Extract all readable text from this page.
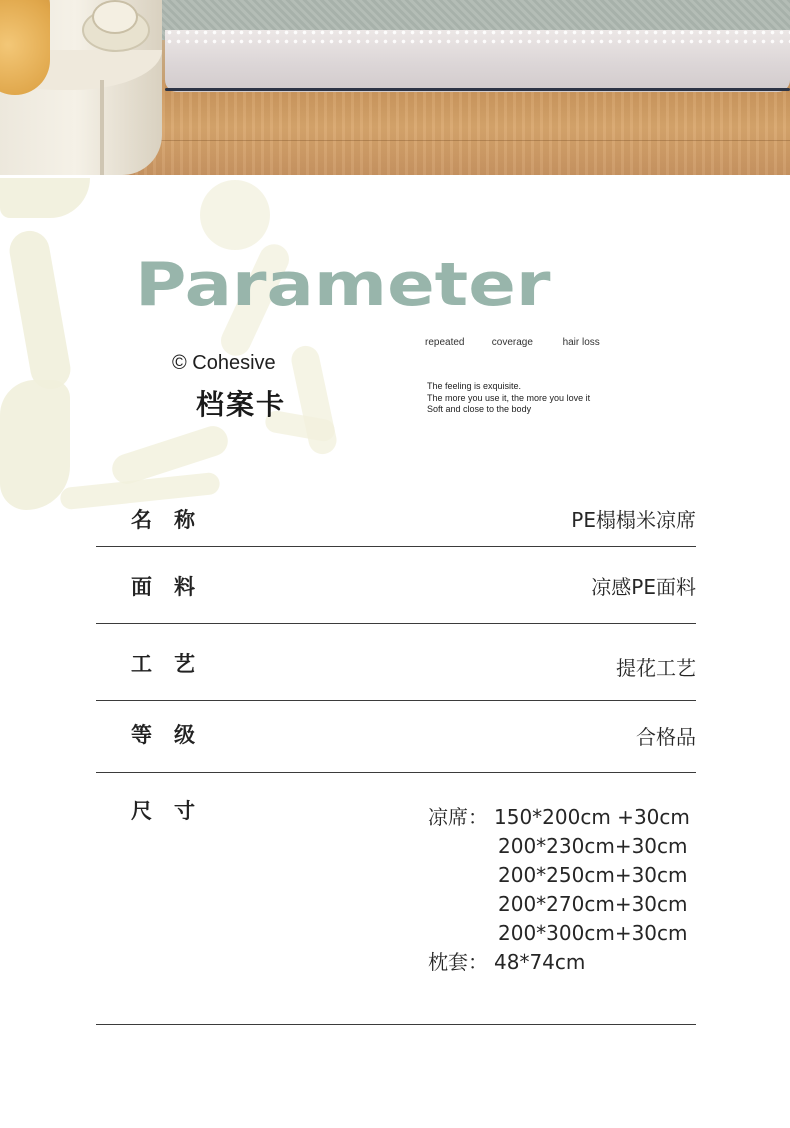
Parameter
© Cohesive
档案卡
repeated	coverage	hair loss
The feeling is exquisite.
The more you use it, the more you love it
Soft and close to the body
名称	PE榻榻米凉席
面料	凉感PE面料
工艺	提花工艺
等级	合格品
尺寸	凉席： 150*200cm +30cm
200*230cm+30cm
200*250cm+30cm
200*270cm+30cm
200*300cm+30cm
枕套： 48*74cm
